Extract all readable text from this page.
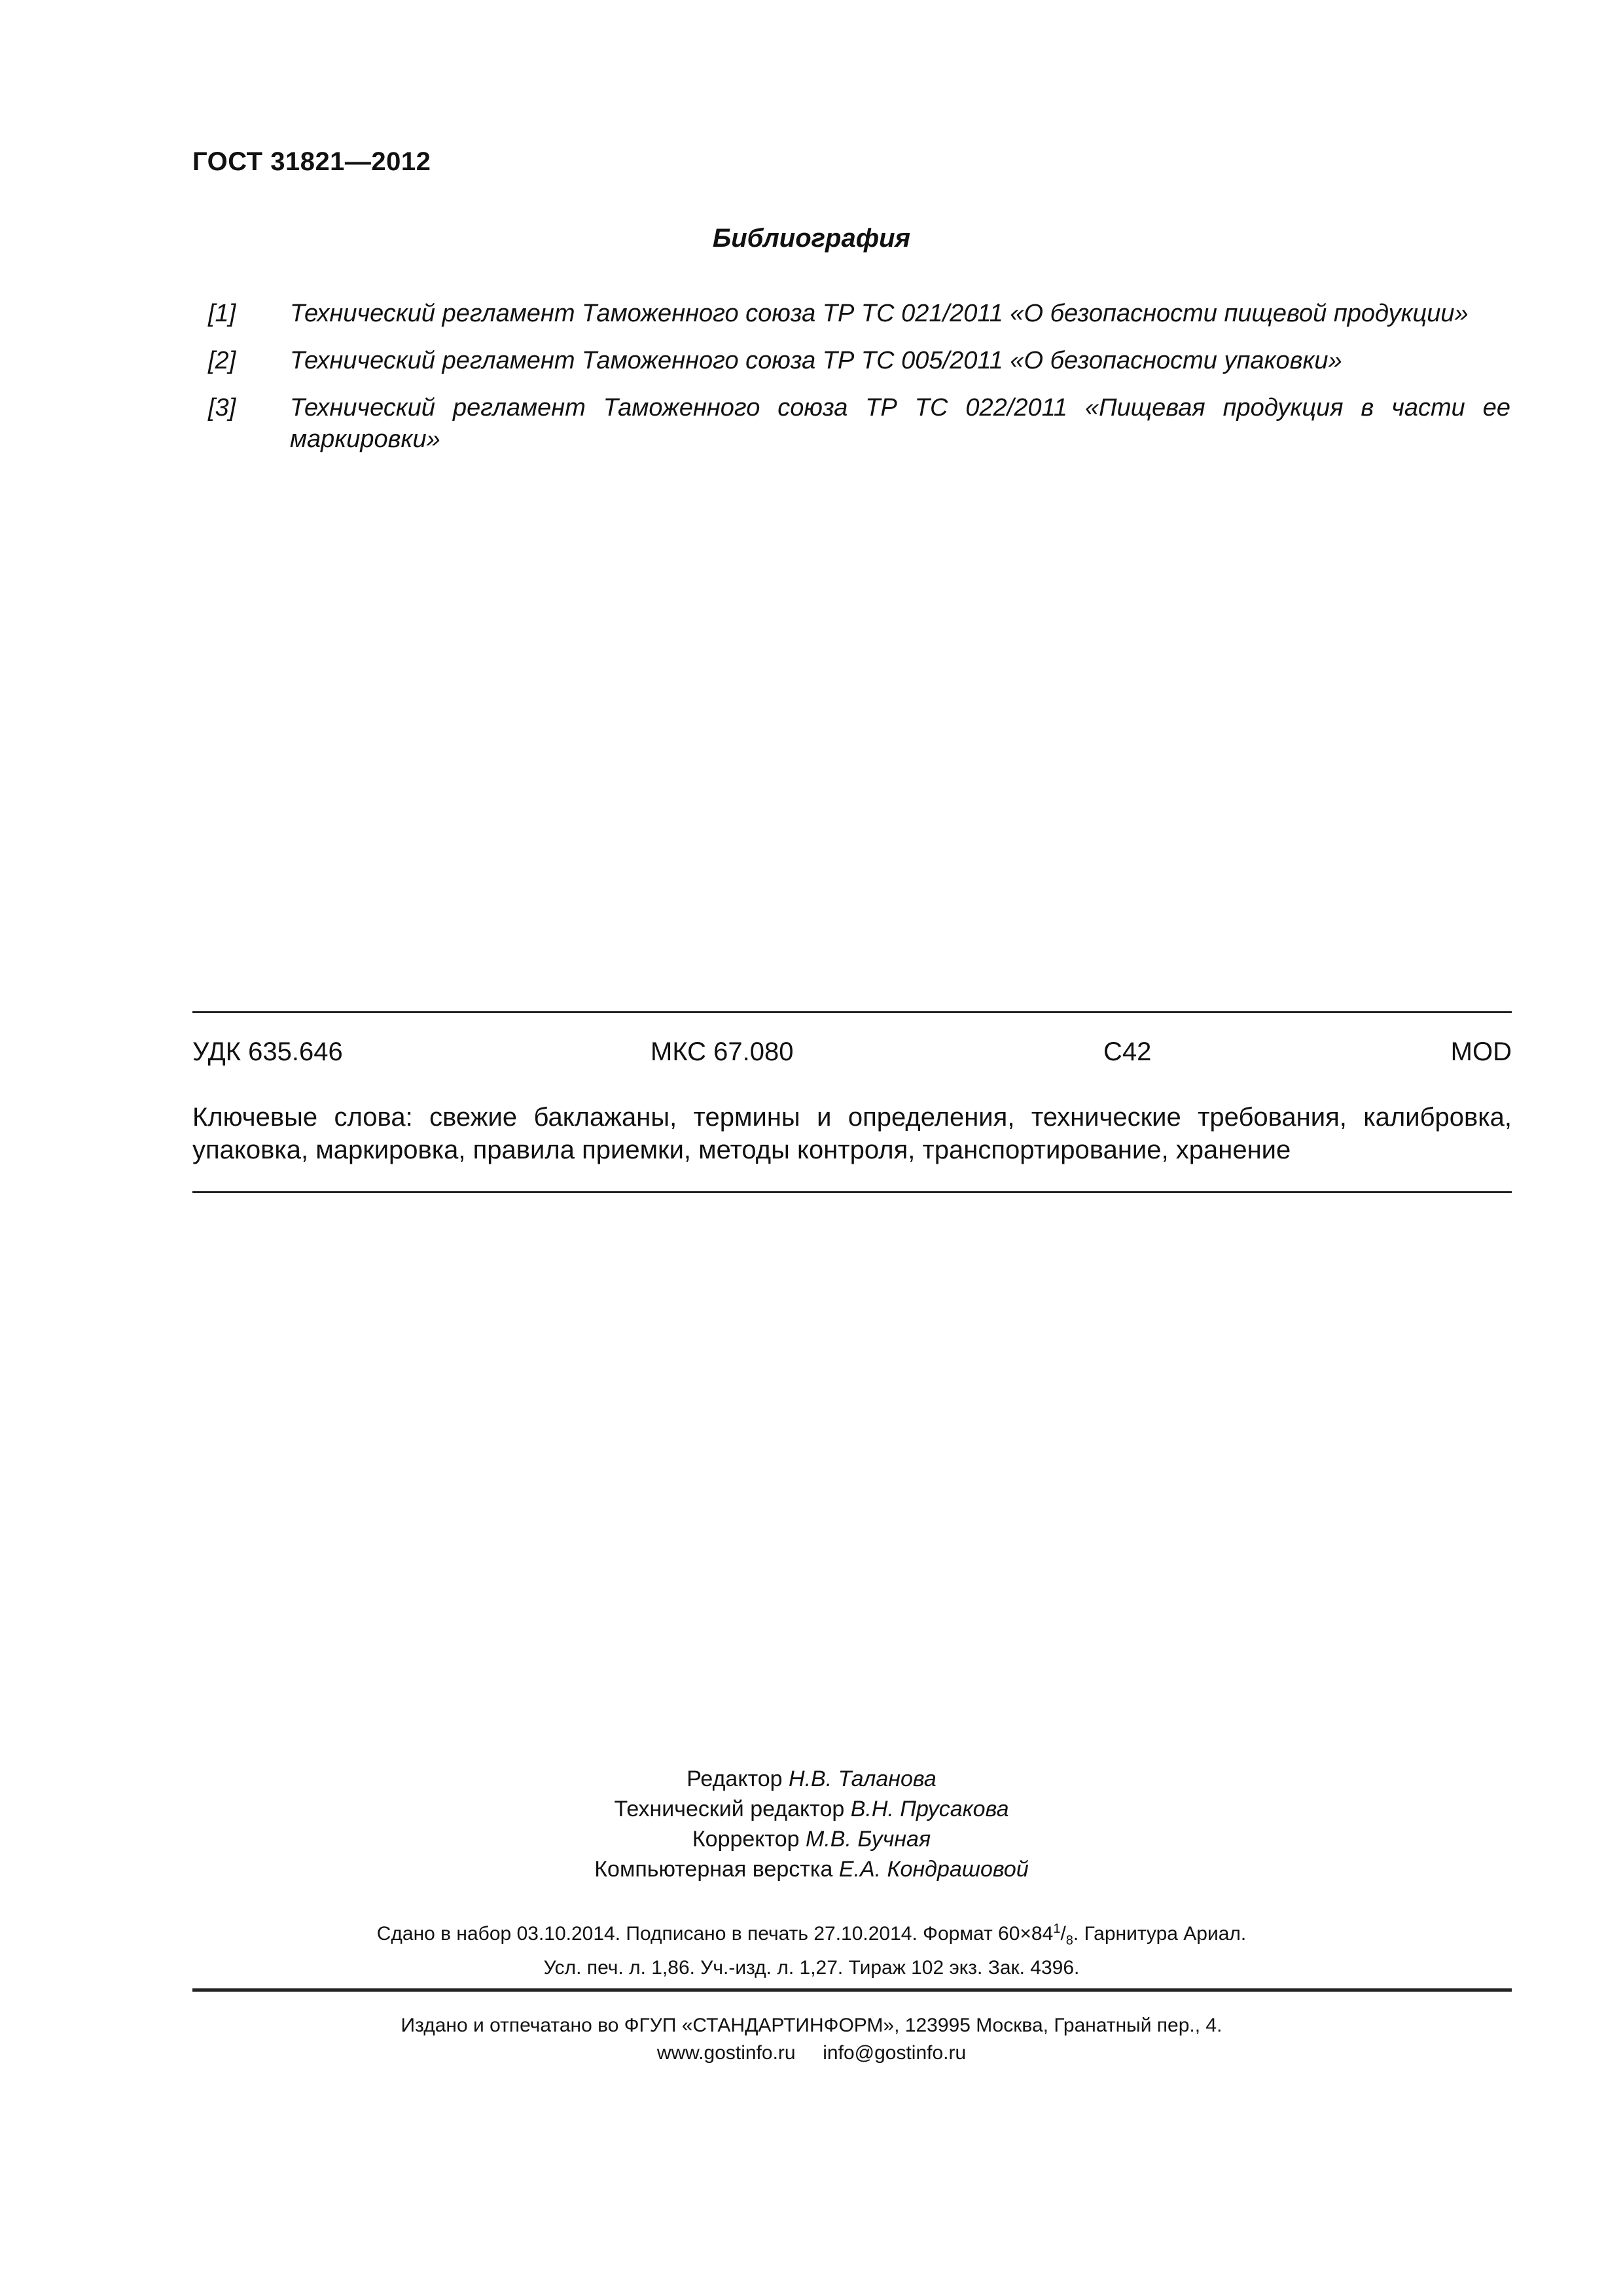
ГОСТ 31821—2012
Библиография
[1]	Технический регламент Таможенного союза ТР ТС 021/2011 «О безопасности пищевой продукции»
[2]	Технический регламент Таможенного союза ТР ТС 005/2011 «О безопасности упаковки»
[3]	Технический регламент Таможенного союза ТР ТС 022/2011 «Пищевая продукция в части ее маркировки»
УДК 635.646	МКС 67.080	С42	MOD
Ключевые слова: свежие баклажаны, термины и определения, технические требования, калибровка, упаковка, маркировка, правила приемки, методы контроля, транспортирование, хранение
Редактор Н.В. Таланова
Технический редактор В.Н. Прусакова
Корректор М.В. Бучная
Компьютерная верстка Е.А. Кондрашовой
Сдано в набор 03.10.2014. Подписано в печать 27.10.2014. Формат $60\times 84^1/_8$. Гарнитура Ариал.
Усл. печ. л. 1,86. Уч.-изд. л. 1,27. Тираж 102 экз. Зак. 4396.
Издано и отпечатано во ФГУП «СТАНДАРТИНФОРМ», 123995 Москва, Гранатный пер., 4.
www.gostinfo.ru     info@gostinfo.ru
